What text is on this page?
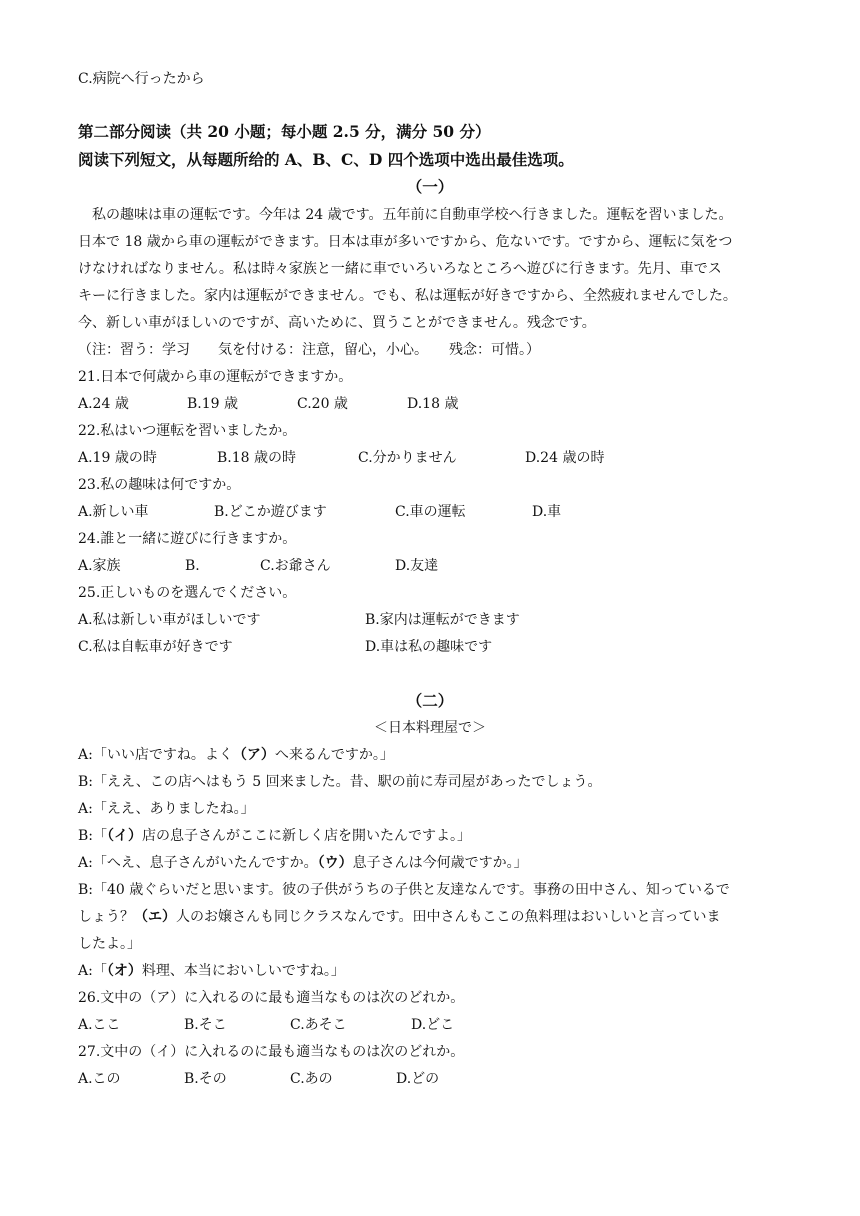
C.病院へ行ったから
第二部分阅读（共 20 小题；每小题 2.5 分，满分 50 分）
阅读下列短文，从每题所给的 A、B、C、D 四个选项中选出最佳选项。
（一）
　私の趣味は車の運転です。今年は 24 歳です。五年前に自動車学校へ行きました。運転を習いました。
日本で 18 歳から車の運転ができます。日本は車が多いですから、危ないです。ですから、運転に気をつ
けなければなりません。私は時々家族と一緒に車でいろいろなところへ遊びに行きます。先月、車でス
キーに行きました。家内は運転ができません。でも、私は運転が好きですから、全然疲れませんでした。
今、新しい車がほしいのですが、高いために、買うことができません。残念です。
（注：習う：学习　　気を付ける：注意，留心，小心。　　残念：可惜。）
21.日本で何歳から車の運転ができますか。
A.24 歳	B.19 歳	C.20 歳	D.18 歳
22.私はいつ運転を習いましたか。
A.19 歳の時	B.18 歳の時	C.分かりません	D.24 歳の時
23.私の趣味は何ですか。
A.新しい車	B.どこか遊びます	C.車の運転	D.車
24.誰と一緒に遊びに行きますか。
A.家族	B.	C.お爺さん	D.友達
25.正しいものを選んでください。
A.私は新しい車がほしいです	B.家内は運転ができます
C.私は自転車が好きです	D.車は私の趣味です
（二）
＜日本料理屋で＞
A:「いい店ですね。よく（ア）へ来るんですか。」
B:「ええ、この店へはもう 5 回来ました。昔、駅の前に寿司屋があったでしょう。
A:「ええ、ありましたね。」
B:「（イ）店の息子さんがここに新しく店を開いたんですよ。」
A:「へえ、息子さんがいたんですか。（ウ）息子さんは今何歳ですか。」
B:「40 歳ぐらいだと思います。彼の子供がうちの子供と友達なんです。事務の田中さん、知っているで
しょう？（エ）人のお嬢さんも同じクラスなんです。田中さんもここの魚料理はおいしいと言っていま
したよ。」
A:「（オ）料理、本当においしいですね。」
26.文中の（ア）に入れるのに最も適当なものは次のどれか。
A.ここ	B.そこ	C.あそこ	D.どこ
27.文中の（イ）に入れるのに最も適当なものは次のどれか。
A.この	B.その	C.あの	D.どの
